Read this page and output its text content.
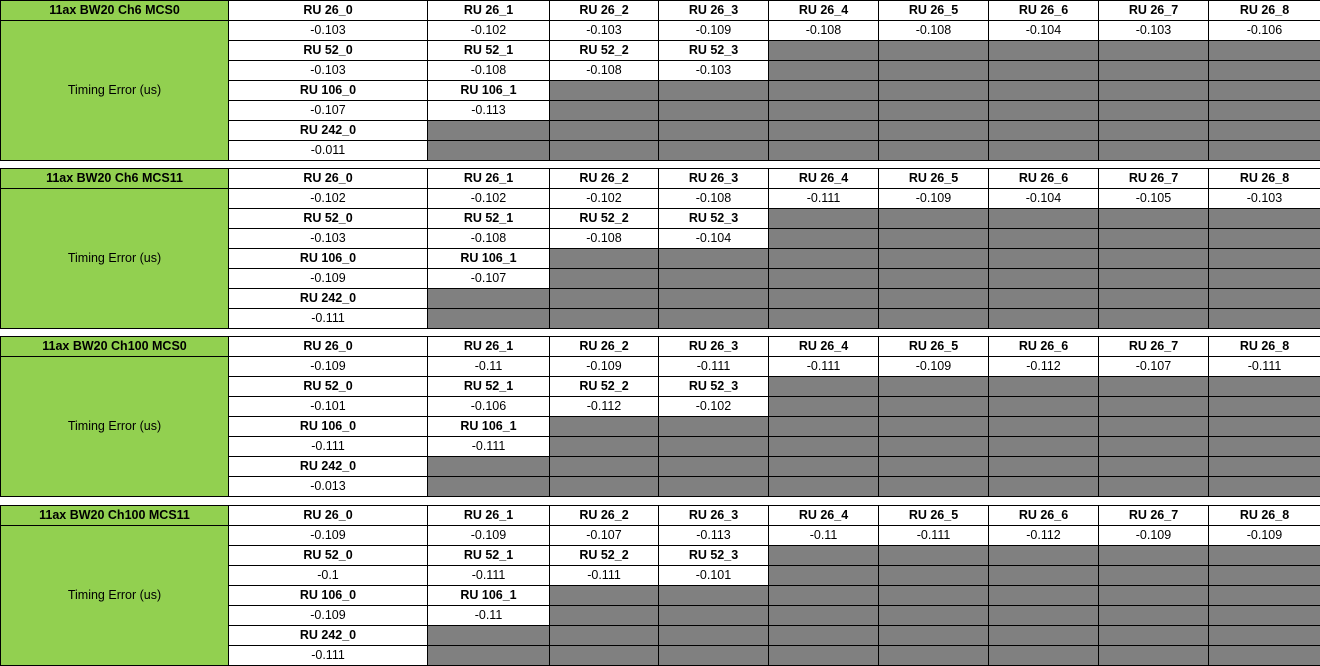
11ax BW20 Ch6 MCS0	RU 26_0	RU 26_1	RU 26_2	RU 26_3	RU 26_4	RU 26_5	RU 26_6	RU 26_7	RU 26_8
Timing Error (us)	-0.103	-0.102	-0.103	-0.109	-0.108	-0.108	-0.104	-0.103	-0.106
	RU 52_0	RU 52_1	RU 52_2	RU 52_3					
	-0.103	-0.108	-0.108	-0.103					
	RU 106_0	RU 106_1							
	-0.107	-0.113							
	RU 242_0								
	-0.011								
11ax BW20 Ch6 MCS11	RU 26_0	RU 26_1	RU 26_2	RU 26_3	RU 26_4	RU 26_5	RU 26_6	RU 26_7	RU 26_8
Timing Error (us)	-0.102	-0.102	-0.102	-0.108	-0.111	-0.109	-0.104	-0.105	-0.103
	RU 52_0	RU 52_1	RU 52_2	RU 52_3					
	-0.103	-0.108	-0.108	-0.104					
	RU 106_0	RU 106_1							
	-0.109	-0.107							
	RU 242_0								
	-0.111								
11ax BW20 Ch100 MCS0	RU 26_0	RU 26_1	RU 26_2	RU 26_3	RU 26_4	RU 26_5	RU 26_6	RU 26_7	RU 26_8
Timing Error (us)	-0.109	-0.11	-0.109	-0.111	-0.111	-0.109	-0.112	-0.107	-0.111
	RU 52_0	RU 52_1	RU 52_2	RU 52_3					
	-0.101	-0.106	-0.112	-0.102					
	RU 106_0	RU 106_1							
	-0.111	-0.111							
	RU 242_0								
	-0.013								
11ax BW20 Ch100 MCS11	RU 26_0	RU 26_1	RU 26_2	RU 26_3	RU 26_4	RU 26_5	RU 26_6	RU 26_7	RU 26_8
Timing Error (us)	-0.109	-0.109	-0.107	-0.113	-0.11	-0.111	-0.112	-0.109	-0.109
	RU 52_0	RU 52_1	RU 52_2	RU 52_3					
	-0.1	-0.111	-0.111	-0.101					
	RU 106_0	RU 106_1							
	-0.109	-0.11							
	RU 242_0								
	-0.111								
